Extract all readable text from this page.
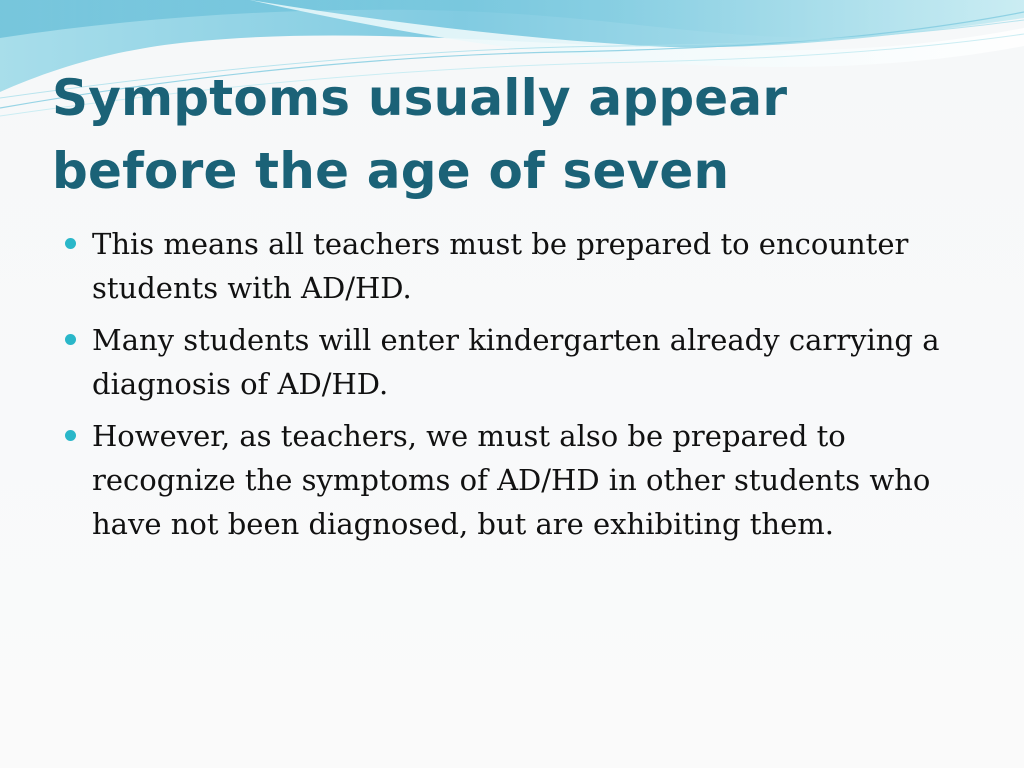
Symptoms usually appear before the age of seven
This means all teachers must be prepared to encounter students with AD/HD.
Many students will enter kindergarten already carrying a diagnosis of AD/HD.
However, as teachers, we must also be prepared to recognize the symptoms of AD/HD in other students who have not been diagnosed, but are exhibiting them.
